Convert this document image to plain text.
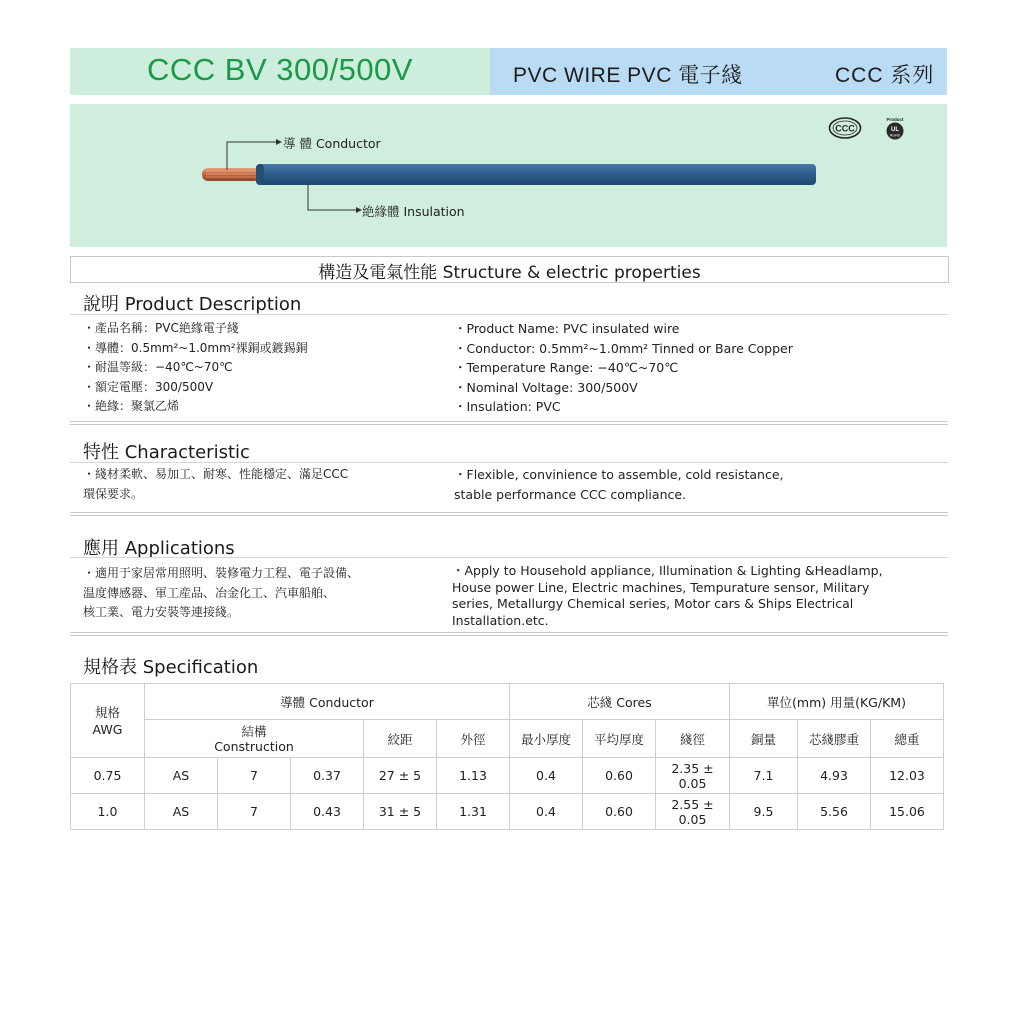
CCC BV 300/500V	PVC WIRE PVC 電子綫	CCC 系列
導 體 Conductor
絶緣體 Insulation
CCC
Product
UL
RoHS
構造及電氣性能 Structure & electric properties
說明 Product Description
・產品名稱：PVC絶緣電子綫
・導體：0.5mm²~1.0mm²裸銅或鍍錫銅
・耐温等級：−40℃~70℃
・額定電壓：300/500V
・絶緣：聚氯乙烯
・Product Name: PVC insulated wire
・Conductor: 0.5mm²~1.0mm² Tinned or Bare Copper
・Temperature Range: −40℃~70℃
・Nominal Voltage: 300/500V
・Insulation: PVC
特性 Characteristic
・綫材柔軟、易加工、耐寒、性能穩定、滿足CCC
環保要求。
・Flexible, convinience to assemble, cold resistance,
stable performance CCC compliance.
應用 Applications
・適用于家居常用照明、裝修電力工程、電子設備、
温度傳感器、軍工産品、冶金化工、汽車船舶、
核工業、電力安裝等連接綫。
・Apply to Household appliance, Illumination & Lighting &Headlamp,
House power Line, Electric machines, Tempurature sensor, Military
series, Metallurgy Chemical series, Motor cars & Ships Electrical
Installation.etc.
規格表 Specification
規格
AWG	導體 Conductor					芯綫 Cores			單位(mm) 用量(KG/KM)		

	結構
Construction			絞距	外徑	最小厚度	平均厚度	綫徑	銅量	芯綫膠重	總重
0.75	AS	7	0.37	27 ± 5	1.13	0.4	0.60	2.35 ± 0.05	7.1	4.93	12.03
1.0	AS	7	0.43	31 ± 5	1.31	0.4	0.60	2.55 ± 0.05	9.5	5.56	15.06
